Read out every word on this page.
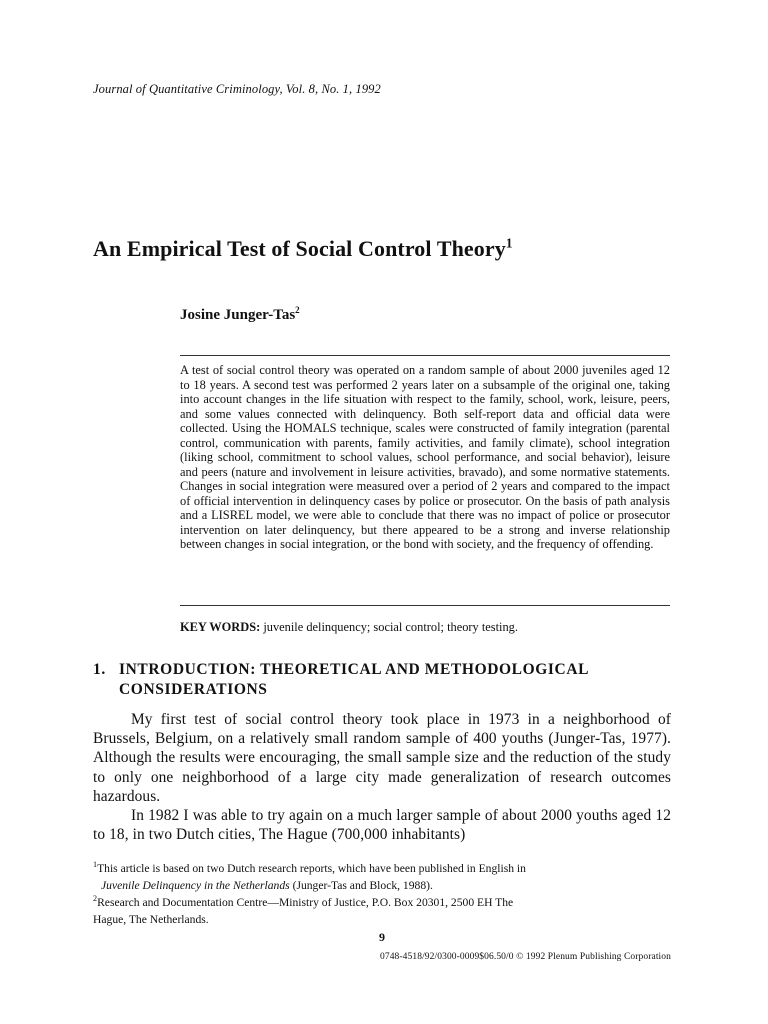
Journal of Quantitative Criminology, Vol. 8, No. 1, 1992
An Empirical Test of Social Control Theory$^1$
Josine Junger-Tas$^2$
A test of social control theory was operated on a random sample of about 2000 juveniles aged 12 to 18 years. A second test was performed 2 years later on a subsample of the original one, taking into account changes in the life situation with respect to the family, school, work, leisure, peers, and some values connected with delinquency. Both self-report data and official data were collected. Using the HOMALS technique, scales were constructed of family integration (parental control, communication with parents, family activities, and family climate), school integration (liking school, commitment to school values, school performance, and social behavior), leisure and peers (nature and involvement in leisure activities, bravado), and some normative statements. Changes in social integration were measured over a period of 2 years and compared to the impact of official intervention in delinquency cases by police or prosecutor. On the basis of path analysis and a LISREL model, we were able to conclude that there was no impact of police or prosecutor intervention on later delinquency, but there appeared to be a strong and inverse relationship between changes in social integration, or the bond with society, and the frequency of offending.
KEY WORDS: juvenile delinquency; social control; theory testing.
1. INTRODUCTION: THEORETICAL AND METHODOLOGICAL
CONSIDERATIONS

My first test of social control theory took place in 1973 in a neighborhood of Brussels, Belgium, on a relatively small random sample of 400 youths (Junger-Tas, 1977). Although the results were encouraging, the small sample size and the reduction of the study to only one neighborhood of a large city made generalization of research outcomes hazardous.

In 1982 I was able to try again on a much larger sample of about 2000 youths aged 12 to 18, in two Dutch cities, The Hague (700,000 inhabitants)

$^1$This article is based on two Dutch research reports, which have been published in English in

Juvenile Delinquency in the Netherlands (Junger-Tas and Block, 1988).

$^2$Research and Documentation Centre—Ministry of Justice, P.O. Box 20301, 2500 EH The

Hague, The Netherlands.

9
0748-4518/92/0300-0009$06.50/0 © 1992 Plenum Publishing Corporation
